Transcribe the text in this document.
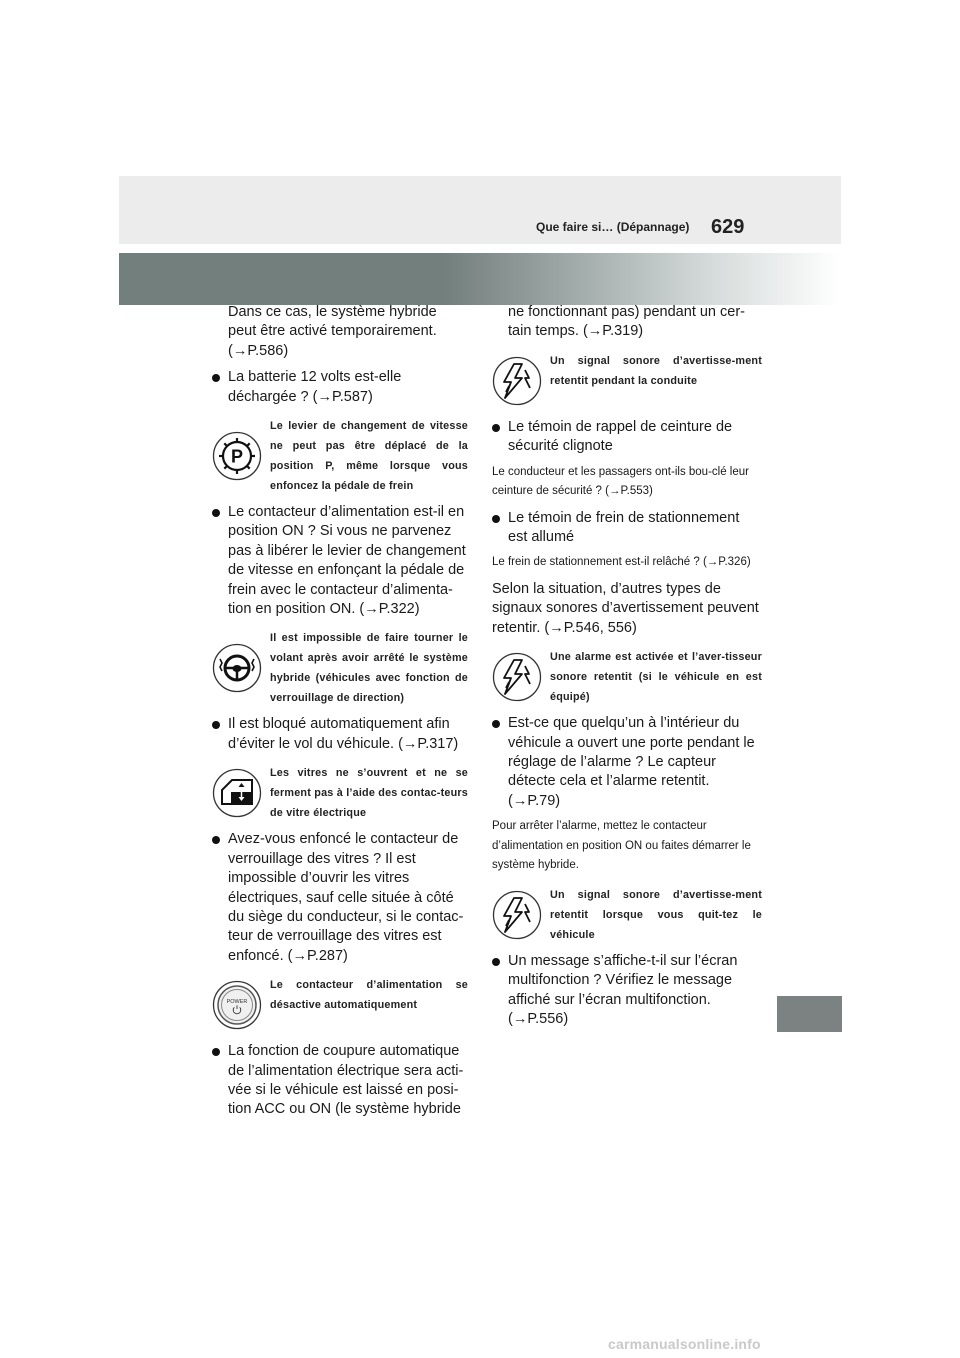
Que faire si… (Dépannage) 629
Dans ce cas, le système hybride peut être activé temporairement. (→P.586)
La batterie 12 volts est-elle déchargée ? (→P.587)
P
Le levier de changement de vitesse ne peut pas être déplacé de la position P, même lorsque vous enfoncez la pédale de frein
Le contacteur d’alimentation est-il en position ON ? Si vous ne parvenez pas à libérer le levier de changement de vitesse en enfonçant la pédale de frein avec le contacteur d’alimenta-tion en position ON. (→P.322)
Il est impossible de faire tourner le volant après avoir arrêté le système hybride (véhicules avec fonction de verrouillage de direction)
Il est bloqué automatiquement afin d’éviter le vol du véhicule. (→P.317)
Les vitres ne s’ouvrent et ne se ferment pas à l’aide des contac-teurs de vitre électrique
Avez-vous enfoncé le contacteur de verrouillage des vitres ? Il est impossible d’ouvrir les vitres électriques, sauf celle située à côté du siège du conducteur, si le contac-teur de verrouillage des vitres est enfoncé. (→P.287)
POWER
Le contacteur d’alimentation se désactive automatiquement
La fonction de coupure automatique de l’alimentation électrique sera acti-vée si le véhicule est laissé en posi-tion ACC ou ON (le système hybride
ne fonctionnant pas) pendant un cer-tain temps. (→P.319)
Un signal sonore d’avertisse-ment retentit pendant la conduite
Le témoin de rappel de ceinture de sécurité clignote
Le conducteur et les passagers ont-ils bou-clé leur ceinture de sécurité ? (→P.553)
Le témoin de frein de stationnement est allumé
Le frein de stationnement est-il relâché ? (→P.326)
Selon la situation, d’autres types de signaux sonores d’avertissement peuvent retentir. (→P.546, 556)
Une alarme est activée et l’aver-tisseur sonore retentit (si le véhicule en est équipé)
Est-ce que quelqu’un à l’intérieur du véhicule a ouvert une porte pendant le réglage de l’alarme ? Le capteur détecte cela et l’alarme retentit. (→P.79)
Pour arrêter l’alarme, mettez le contacteur d’alimentation en position ON ou faites démarrer le système hybride.
Un signal sonore d’avertisse-ment retentit lorsque vous quit-tez le véhicule
Un message s’affiche-t-il sur l’écran multifonction ? Vérifiez le message affiché sur l’écran multifonction. (→P.556)
carmanualsonline.info
